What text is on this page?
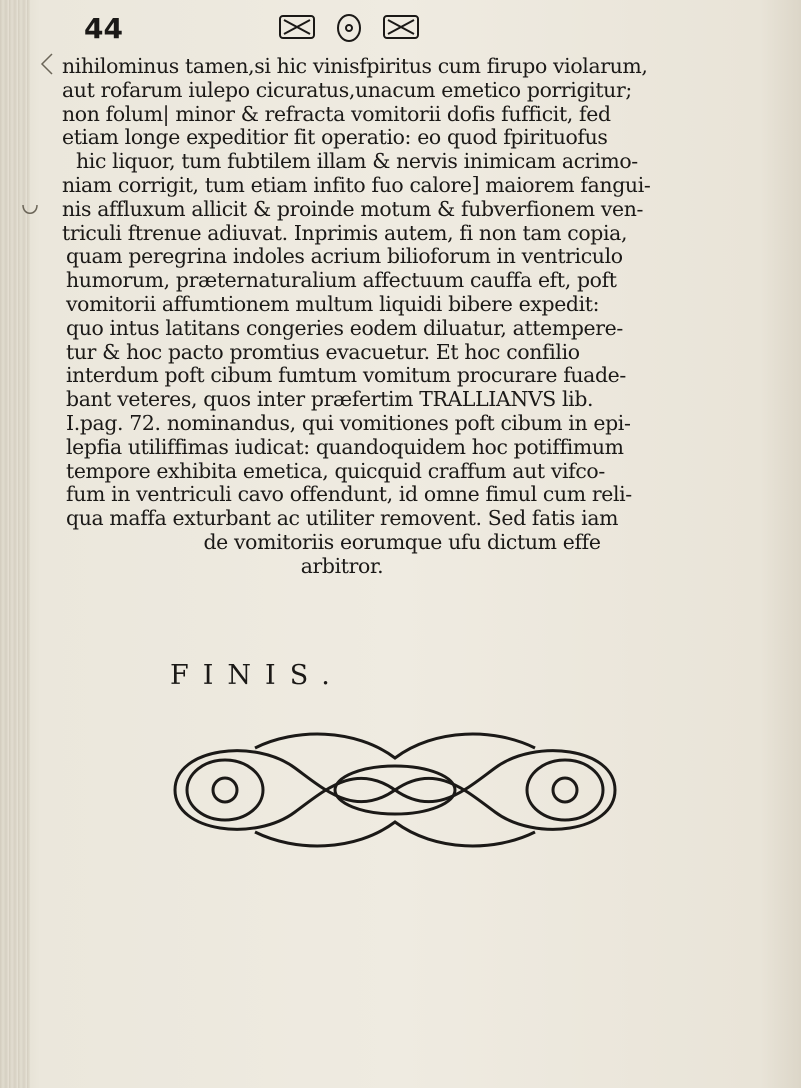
44
nihilominus tamen,si hic vinisfpiritus cum firupo violarum,
aut rofarum iulepo cicuratus,unacum emetico porrigitur;
non folum| minor & refracta vomitorii dofis fufficit, fed
etiam longe expeditior fit operatio: eo quod fpirituofus
hic liquor, tum fubtilem illam & nervis inimicam acrimo-
niam corrigit, tum etiam infito fuo calore] maiorem fangui-
nis affluxum allicit & proinde motum & fubverfionem ven-
triculi ftrenue adiuvat. Inprimis autem, fi non tam copia,
quam peregrina indoles acrium bilioforum in ventriculo
humorum, præternaturalium affectuum cauffa eft, poft
vomitorii affumtionem multum liquidi bibere expedit:
quo intus latitans congeries eodem diluatur, attempere-
tur & hoc pacto promtius evacuetur. Et hoc confilio
interdum poft cibum fumtum vomitum procurare fuade-
bant veteres, quos inter præfertim TRALLIANVS lib.
I.pag. 72. nominandus, qui vomitiones poft cibum in epi-
lepfia utiliffimas iudicat: quandoquidem hoc potiffimum
tempore exhibita emetica, quicquid craffum aut vifco-
fum in ventriculi cavo offendunt, id omne fimul cum reli-
qua maffa exturbant ac utiliter removent. Sed fatis iam
de vomitoriis eorumque ufu dictum effe
arbitror.
FINIS.
